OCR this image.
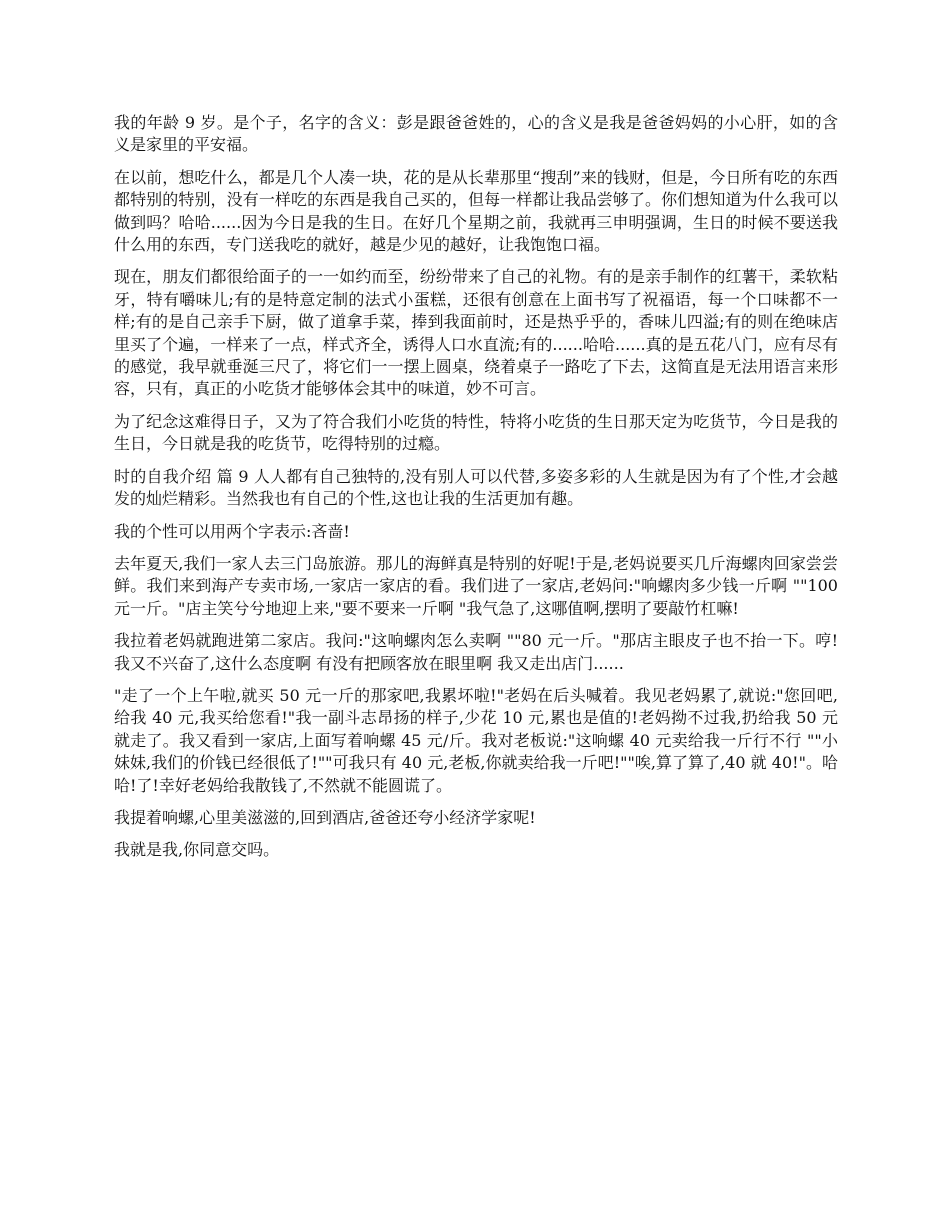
我的年龄 9 岁。是个子，名字的含义：彭是跟爸爸姓的，心的含义是我是爸爸妈妈的小心肝，如的含义是家里的平安福。

在以前，想吃什么，都是几个人凑一块，花的是从长辈那里“搜刮”来的钱财，但是，今日所有吃的东西都特别的特别，没有一样吃的东西是我自己买的，但每一样都让我品尝够了。你们想知道为什么我可以做到吗？哈哈......因为今日是我的生日。在好几个星期之前，我就再三申明强调，生日的时候不要送我什么用的东西，专门送我吃的就好，越是少见的越好，让我饱饱口福。

现在，朋友们都很给面子的一一如约而至，纷纷带来了自己的礼物。有的是亲手制作的红薯干，柔软粘牙，特有嚼味儿;有的是特意定制的法式小蛋糕，还很有创意在上面书写了祝福语，每一个口味都不一样;有的是自己亲手下厨，做了道拿手菜，捧到我面前时，还是热乎乎的，香味儿四溢;有的则在绝味店里买了个遍，一样来了一点，样式齐全，诱得人口水直流;有的......哈哈......真的是五花八门，应有尽有的感觉，我早就垂涎三尺了，将它们一一摆上圆桌，绕着桌子一路吃了下去，这简直是无法用语言来形容，只有，真正的小吃货才能够体会其中的味道，妙不可言。

为了纪念这难得日子，又为了符合我们小吃货的特性，特将小吃货的生日那天定为吃货节，今日是我的生日，今日就是我的吃货节，吃得特别的过瘾。

时的自我介绍 篇 9 人人都有自己独特的,没有别人可以代替,多姿多彩的人生就是因为有了个性,才会越发的灿烂精彩。当然我也有自己的个性,这也让我的生活更加有趣。

我的个性可以用两个字表示:吝啬!

去年夏天,我们一家人去三门岛旅游。那儿的海鲜真是特别的好呢!于是,老妈说要买几斤海螺肉回家尝尝鲜。我们来到海产专卖市场,一家店一家店的看。我们进了一家店,老妈问:"响螺肉多少钱一斤啊 ""100 元一斤。"店主笑兮兮地迎上来,"要不要来一斤啊 "我气急了,这哪值啊,摆明了要敲竹杠嘛!

我拉着老妈就跑进第二家店。我问:"这响螺肉怎么卖啊 ""80 元一斤。"那店主眼皮子也不抬一下。哼!我又不兴奋了,这什么态度啊 有没有把顾客放在眼里啊 我又走出店门......

"走了一个上午啦,就买 50 元一斤的那家吧,我累坏啦!"老妈在后头喊着。我见老妈累了,就说:"您回吧,给我 40 元,我买给您看!"我一副斗志昂扬的样子,少花 10 元,累也是值的!老妈拗不过我,扔给我 50 元就走了。我又看到一家店,上面写着响螺 45 元/斤。我对老板说:"这响螺 40 元卖给我一斤行不行 ""小妹妹,我们的价钱已经很低了!""可我只有 40 元,老板,你就卖给我一斤吧!""唉,算了算了,40 就 40!"。哈哈!了!幸好老妈给我散钱了,不然就不能圆谎了。

我提着响螺,心里美滋滋的,回到酒店,爸爸还夸小经济学家呢!

我就是我,你同意交吗。
